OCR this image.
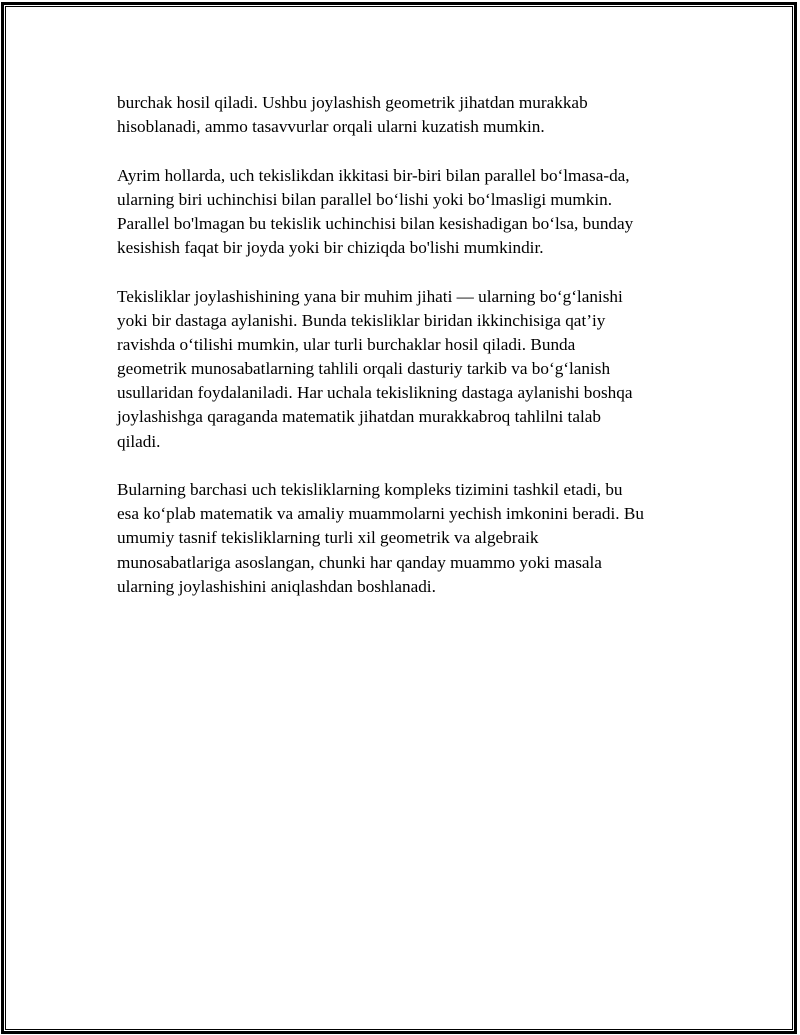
burchak hosil qiladi. Ushbu joylashish geometrik jihatdan murakkab
hisoblanadi, ammo tasavvurlar orqali ularni kuzatish mumkin.
Ayrim hollarda, uch tekislikdan ikkitasi bir-biri bilan parallel bo‘lmasa-da,
ularning biri uchinchisi bilan parallel bo‘lishi yoki bo‘lmasligi mumkin.
Parallel bo'lmagan bu tekislik uchinchisi bilan kesishadigan bo‘lsa, bunday
kesishish faqat bir joyda yoki bir chiziqda bo'lishi mumkindir.
Tekisliklar joylashishining yana bir muhim jihati — ularning bo‘g‘lanishi
yoki bir dastaga aylanishi. Bunda tekisliklar biridan ikkinchisiga qat’iy
ravishda o‘tilishi mumkin, ular turli burchaklar hosil qiladi. Bunda
geometrik munosabatlarning tahlili orqali dasturiy tarkib va bo‘g‘lanish
usullaridan foydalaniladi. Har uchala tekislikning dastaga aylanishi boshqa
joylashishga qaraganda matematik jihatdan murakkabroq tahlilni talab
qiladi.
Bularning barchasi uch tekisliklarning kompleks tizimini tashkil etadi, bu
esa ko‘plab matematik va amaliy muammolarni yechish imkonini beradi. Bu
umumiy tasnif tekisliklarning turli xil geometrik va algebraik
munosabatlariga asoslangan, chunki har qanday muammo yoki masala
ularning joylashishini aniqlashdan boshlanadi.
